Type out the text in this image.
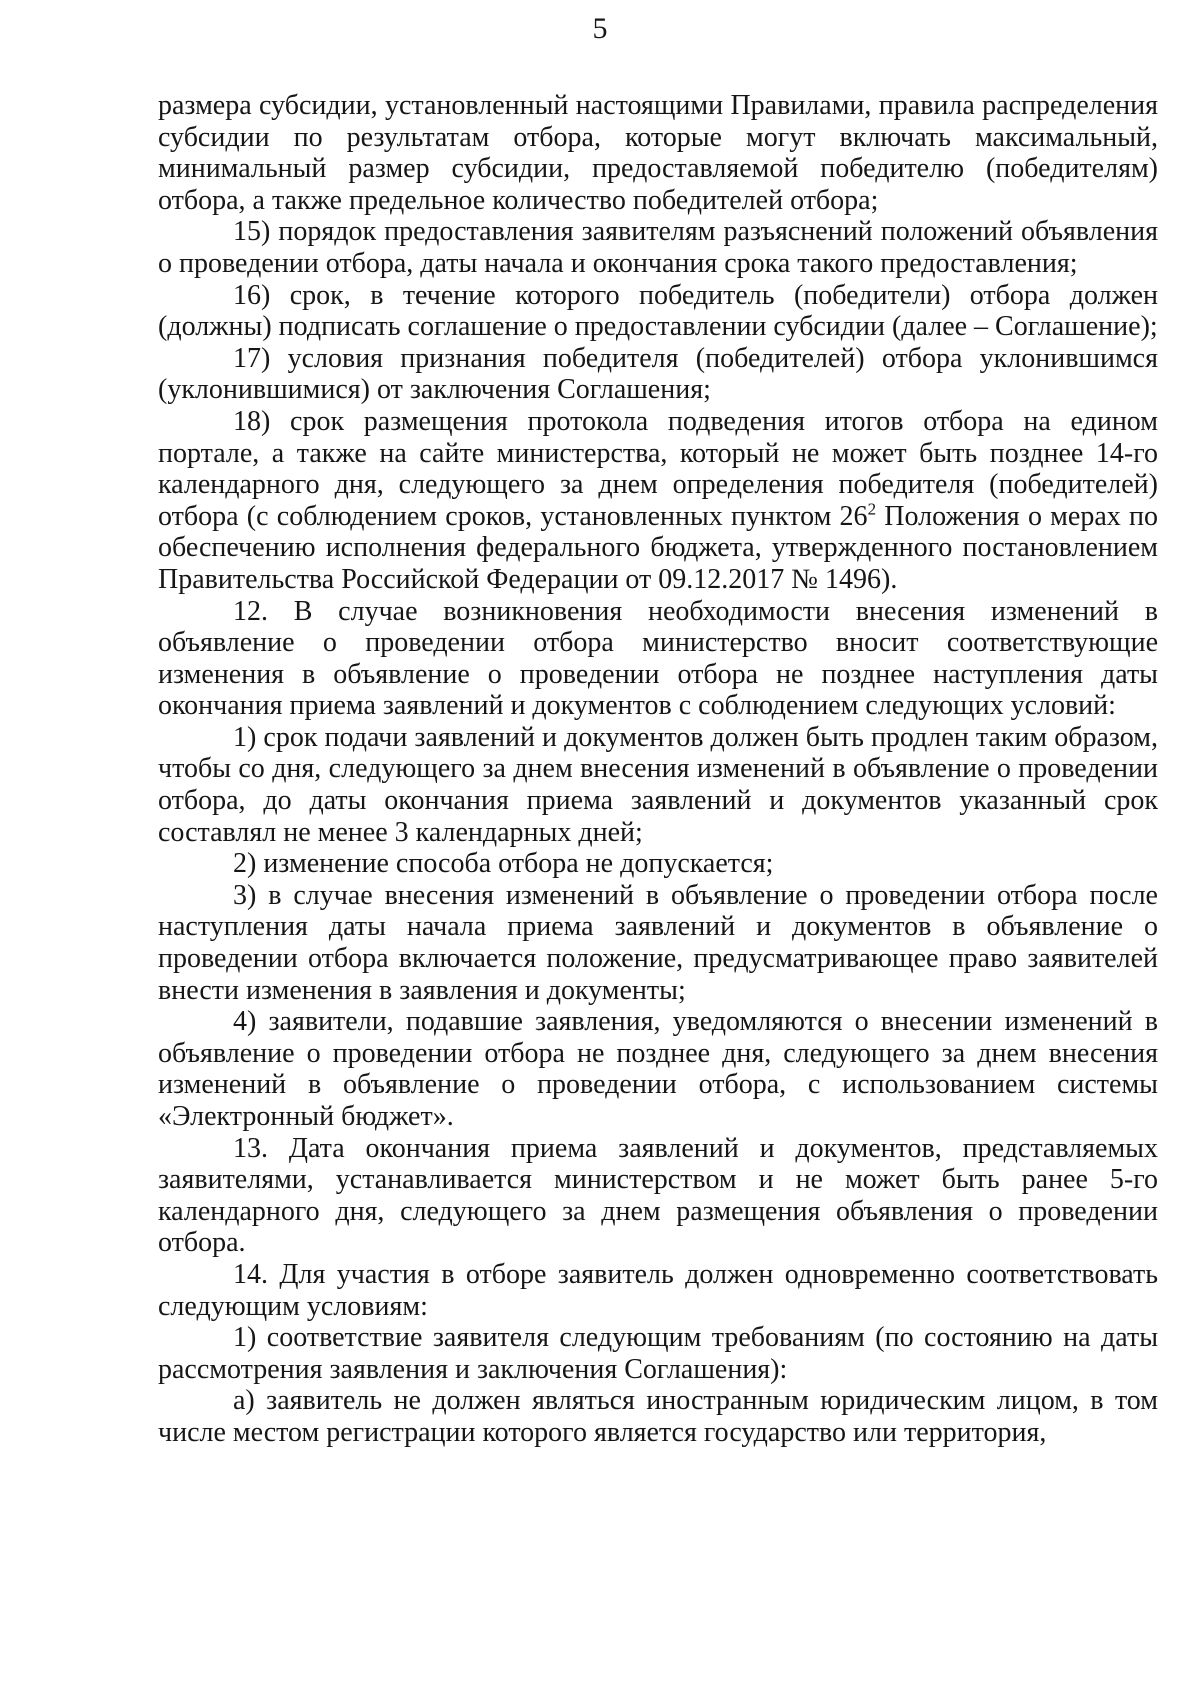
5

размера субсидии, установленный настоящими Правилами, правила распределения субсидии по результатам отбора, которые могут включать максимальный, минимальный размер субсидии, предоставляемой победителю (победителям) отбора, а также предельное количество победителей отбора;

15) порядок предоставления заявителям разъяснений положений объявления о проведении отбора, даты начала и окончания срока такого предоставления;

16) срок, в течение которого победитель (победители) отбора должен (должны) подписать соглашение о предоставлении субсидии (далее – Соглашение);

17) условия признания победителя (победителей) отбора уклонившимся (уклонившимися) от заключения Соглашения;

18) срок размещения протокола подведения итогов отбора на едином портале, а также на сайте министерства, который не может быть позднее 14-го календарного дня, следующего за днем определения победителя (победителей) отбора (с соблюдением сроков, установленных пунктом $26^2$ Положения о мерах по обеспечению исполнения федерального бюджета, утвержденного постановлением Правительства Российской Федерации от 09.12.2017 № 1496).

12. В случае возникновения необходимости внесения изменений в объявление о проведении отбора министерство вносит соответствующие изменения в объявление о проведении отбора не позднее наступления даты окончания приема заявлений и документов с соблюдением следующих условий:

1) срок подачи заявлений и документов должен быть продлен таким образом, чтобы со дня, следующего за днем внесения изменений в объявление о проведении отбора, до даты окончания приема заявлений и документов указанный срок составлял не менее 3 календарных дней;

2) изменение способа отбора не допускается;

3) в случае внесения изменений в объявление о проведении отбора после наступления даты начала приема заявлений и документов в объявление о проведении отбора включается положение, предусматривающее право заявителей внести изменения в заявления и документы;

4) заявители, подавшие заявления, уведомляются о внесении изменений в объявление о проведении отбора не позднее дня, следующего за днем внесения изменений в объявление о проведении отбора, с использованием системы «Электронный бюджет».

13. Дата окончания приема заявлений и документов, представляемых заявителями, устанавливается министерством и не может быть ранее 5-го календарного дня, следующего за днем размещения объявления о проведении отбора.

14. Для участия в отборе заявитель должен одновременно соответствовать следующим условиям:

1) соответствие заявителя следующим требованиям (по состоянию на даты рассмотрения заявления и заключения Соглашения):

а) заявитель не должен являться иностранным юридическим лицом, в том числе местом регистрации которого является государство или территория,
